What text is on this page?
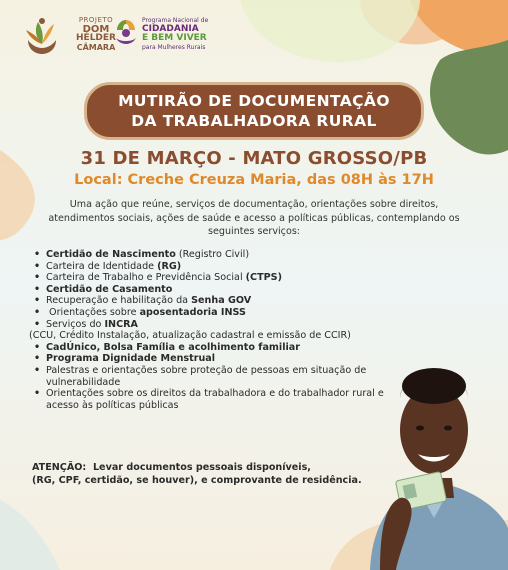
PROJETO
DOM
HÉLDER
CÂMARA
Programa Nacional de
CIDADANIA
E BEM VIVER
para Mulheres Rurais
MUTIRÃO DE DOCUMENTAÇÃO
DA TRABALHADORA RURAL
31 DE MARÇO - MATO GROSSO/PB
Local: Creche Creuza Maria, das 08H às 17H
Uma ação que reúne, serviços de documentação, orientações sobre direitos, atendimentos sociais, ações de saúde e acesso a políticas públicas, contemplando os seguintes serviços:
• Certidão de Nascimento (Registro Civil)
• Carteira de Identidade (RG)
• Carteira de Trabalho e Previdência Social (CTPS)
• Certidão de Casamento
• Recuperação e habilitação da Senha GOV
• Orientações sobre aposentadoria INSS
• Serviços do INCRA
(CCU, Crédito Instalação, atualização cadastral e emissão de CCIR)
• CadÚnico, Bolsa Família e acolhimento familiar
• Programa Dignidade Menstrual
• Palestras e orientações sobre proteção de pessoas em situação de vulnerabilidade
• Orientações sobre os direitos da trabalhadora e do trabalhador rural e acesso às políticas públicas
ATENÇÃO:  Levar documentos pessoais disponíveis,
(RG, CPF, certidão, se houver), e comprovante de residência.
